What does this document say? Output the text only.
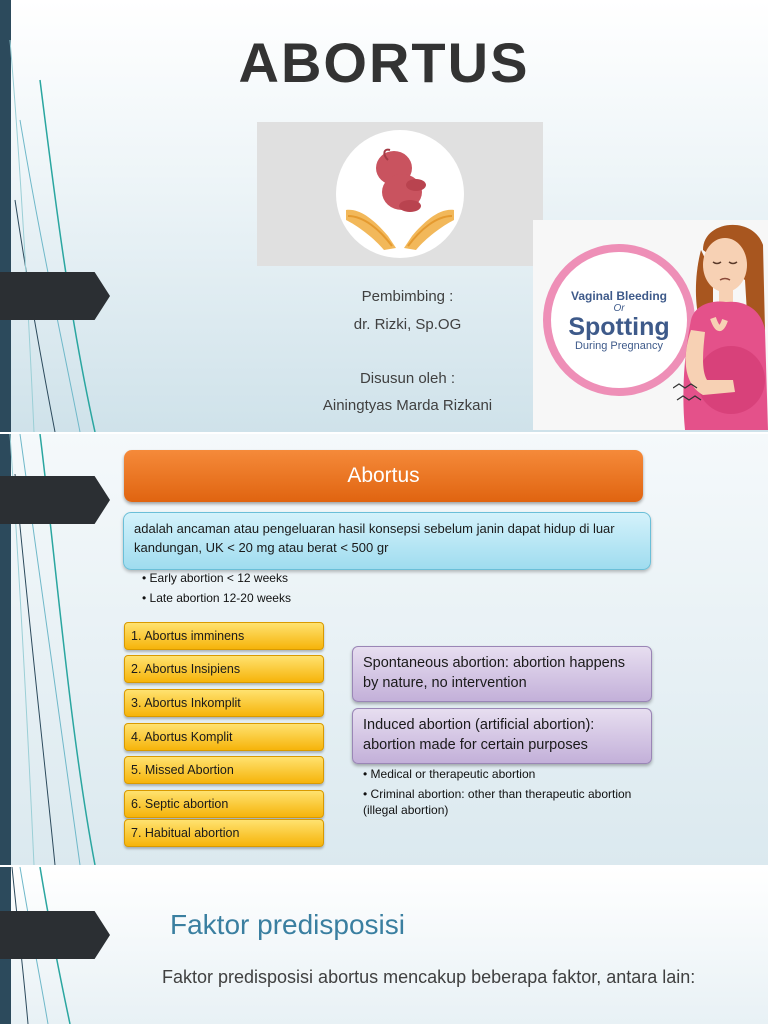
ABORTUS
Pembimbing :
dr. Rizki, Sp.OG
Disusun oleh :
Ainingtyas Marda Rizkani
Vaginal Bleeding
Or
Spotting
During Pregnancy
Abortus
adalah ancaman atau pengeluaran hasil konsepsi sebelum janin dapat hidup di luar kandungan, UK < 20 mg atau berat < 500 gr
• Early abortion < 12 weeks
• Late abortion 12-20 weeks
1. Abortus imminens
2. Abortus Insipiens
3. Abortus Inkomplit
4. Abortus Komplit
5. Missed Abortion
6. Septic abortion
7. Habitual abortion
Spontaneous abortion: abortion happens by nature, no intervention
Induced abortion (artificial abortion): abortion made for certain purposes
• Medical or therapeutic abortion
• Criminal abortion: other than therapeutic abortion (illegal abortion)
Faktor predisposisi
Faktor predisposisi abortus mencakup beberapa faktor, antara lain:
